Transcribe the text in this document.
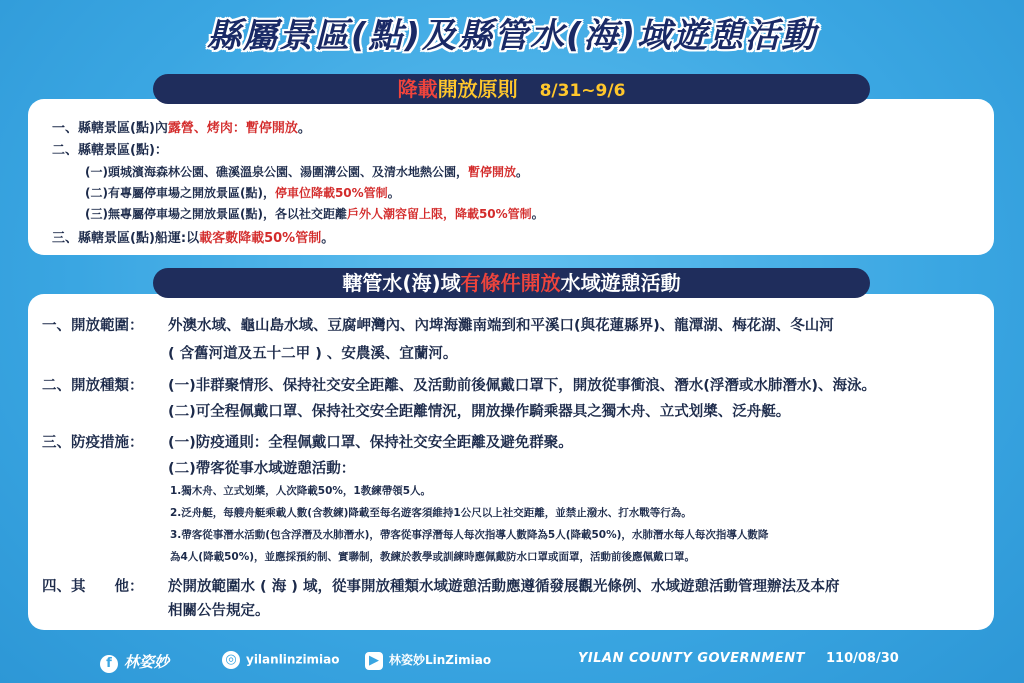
縣屬景區(點)及縣管水(海)域遊憩活動
降載開放原則 8/31~9/6
一、縣轄景區(點)內露營、烤肉：暫停開放。
二、縣轄景區(點)：
(一)頭城濱海森林公園、礁溪溫泉公園、湯圍溝公園、及清水地熱公園，暫停開放。
(二)有專屬停車場之開放景區(點)，停車位降載50%管制。
(三)無專屬停車場之開放景區(點)，各以社交距離戶外人潮容留上限，降載50%管制。
三、縣轄景區(點)船運:以載客數降載50%管制。
轄管水(海)域有條件開放水域遊憩活動
一、開放範圍： 外澳水域、龜山島水域、豆腐岬灣內、內埤海灘南端到和平溪口(與花蓮縣界)、龍潭湖、梅花湖、冬山河
( 含舊河道及五十二甲 ) 、安農溪、宜蘭河。
二、開放種類： (一)非群聚情形、保持社交安全距離、及活動前後佩戴口罩下，開放從事衝浪、潛水(浮潛或水肺潛水)、海泳。
(二)可全程佩戴口罩、保持社交安全距離情況，開放操作騎乘器具之獨木舟、立式划槳、泛舟艇。
三、防疫措施： (一)防疫通則：全程佩戴口罩、保持社交安全距離及避免群聚。
(二)帶客從事水域遊憩活動：
1.獨木舟、立式划槳，人次降載50%，1教練帶領5人。
2.泛舟艇，每艘舟艇乘載人數(含教練)降載至每名遊客須維持1公尺以上社交距離，並禁止潑水、打水戰等行為。
3.帶客從事潛水活動(包含浮潛及水肺潛水)，帶客從事浮潛每人每次指導人數降為5人(降載50%)，水肺潛水每人每次指導人數降
為4人(降載50%)，並應採預約制、實聯制，教練於教學或訓練時應佩戴防水口罩或面罩，活動前後應佩戴口罩。
四、其　　他： 於開放範圍水 ( 海 ) 域，從事開放種類水域遊憩活動應遵循發展觀光條例、水域遊憩活動管理辦法及本府
相關公告規定。
f 林姿妙	◎ yilanlinzimiao	▶ 林姿妙LinZimiao	YILAN COUNTY GOVERNMENT 110/08/30
